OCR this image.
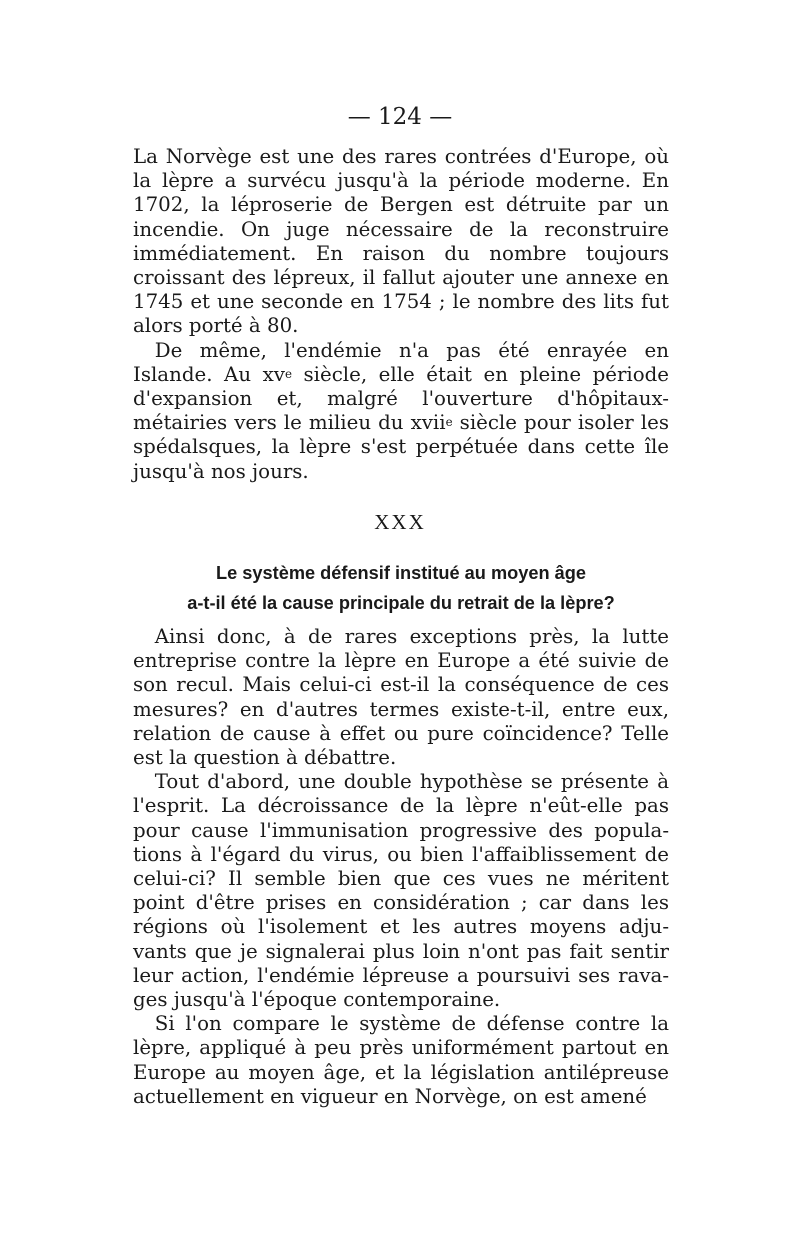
— 124 —

La Norvège est une des rares contrées d'Europe, où la lèpre a survécu jusqu'à la période moderne. En 1702, la léproserie de Bergen est détruite par un incendie. On juge nécessaire de la reconstruire immédiatement. En raison du nombre toujours croissant des lépreux, il fallut ajouter une annexe en 1745 et une seconde en 1754 ; le nombre des lits fut alors porté à 80.

De même, l'endémie n'a pas été enrayée en Islande. Au $xv^e$ siècle, elle était en pleine période d'expansion et, malgré l'ouverture d'hôpitaux-métairies vers le milieu du xvii$^e$ siècle pour isoler les spédalsques, la lèpre s'est perpétuée dans cette île jusqu'à nos jours.

XXX
Le système défensif institué au moyen âge
a-t-il été la cause principale du retrait de la lèpre?

Ainsi donc, à de rares exceptions près, la lutte entreprise contre la lèpre en Europe a été suivie de son recul. Mais celui-ci est-il la conséquence de ces mesures? en d'autres termes existe-t-il, entre eux, relation de cause à effet ou pure coïncidence? Telle est la question à débattre.

Tout d'abord, une double hypothèse se présente à l'esprit. La décroissance de la lèpre n'eût-elle pas pour cause l'immunisation progressive des populations à l'égard du virus, ou bien l'affaiblissement de celui-ci? Il semble bien que ces vues ne méritent point d'être prises en considération ; car dans les régions où l'isolement et les autres moyens adjuvants que je signalerai plus loin n'ont pas fait sentir leur action, l'endémie lépreuse a poursuivi ses ravages jusqu'à l'époque contemporaine.

Si l'on compare le système de défense contre la lèpre, appliqué à peu près uniformément partout en Europe au moyen âge, et la législation antilépreuse actuellement en vigueur en Norvège, on est amené
